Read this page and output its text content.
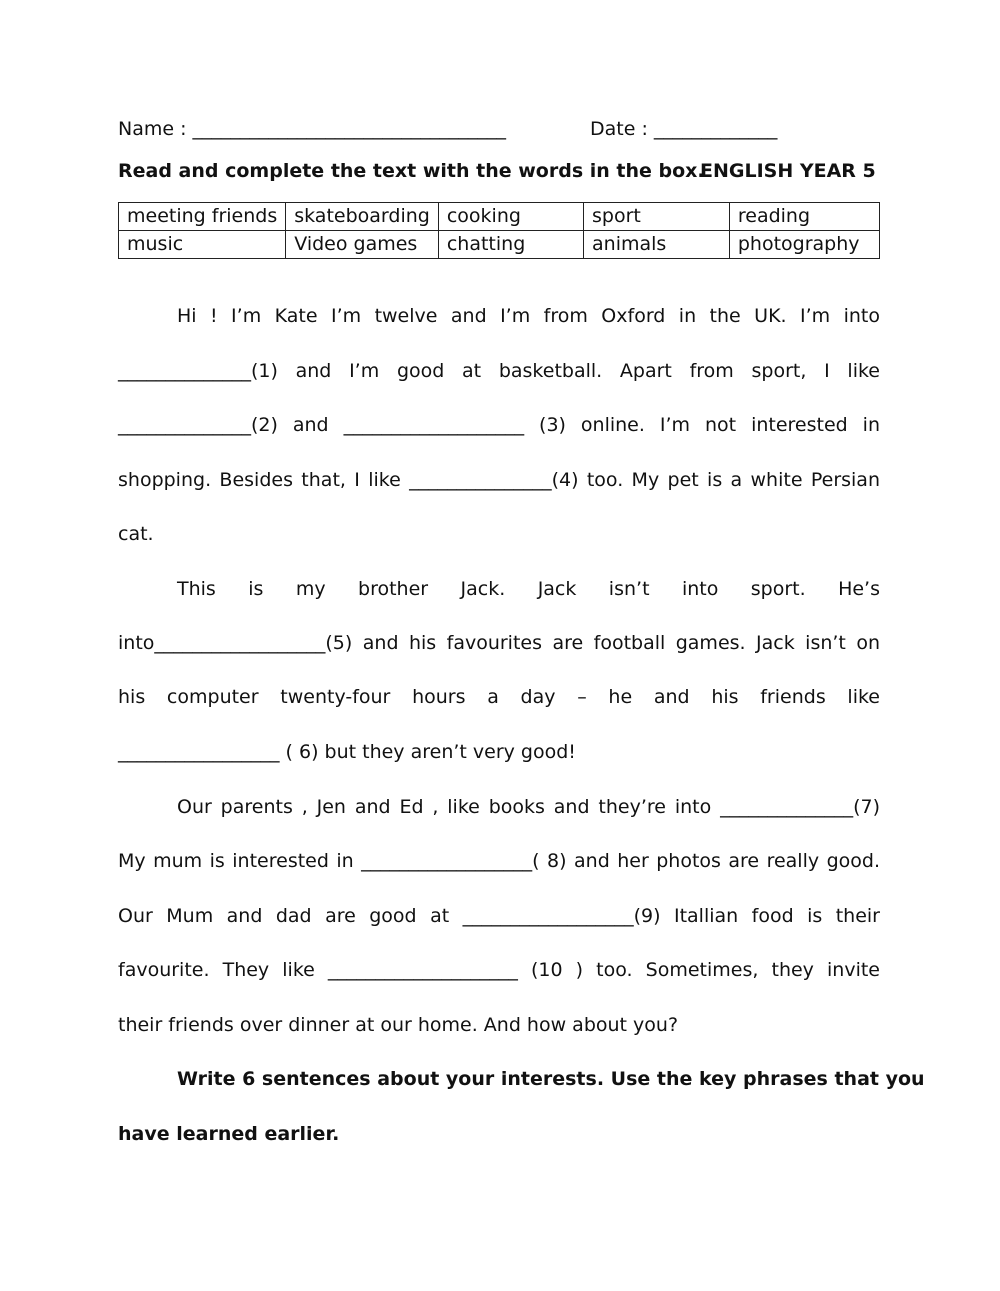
Name : _________________________________	Date : _____________
Read and complete the text with the words in the box.
ENGLISH YEAR 5
meeting friends	skateboarding	cooking	sport	reading
music	Video games	chatting	animals	photography
Hi ! I’m Kate I’m twelve and I’m from Oxford in the UK. I’m into
______________(1) and I’m good at basketball. Apart from sport, I like
______________(2) and ___________________ (3) online. I’m not interested in
shopping. Besides that, I like _______________(4) too. My pet is a white Persian
cat.
This is my brother Jack. Jack isn’t into sport. He’s
into__________________(5) and his favourites are football games. Jack isn’t on
his computer twenty-four hours a day – he and his friends like
_________________ ( 6) but they aren’t very good!
Our parents , Jen and Ed , like books and they’re into ______________(7)
My mum is interested in __________________( 8) and her photos are really good.
Our Mum and dad are good at __________________(9) Itallian food is their
favourite. They like ____________________ (10 ) too. Sometimes, they invite
their friends over dinner at our home. And how about you?
Write 6 sentences about your interests. Use the key phrases that you
have learned earlier.
